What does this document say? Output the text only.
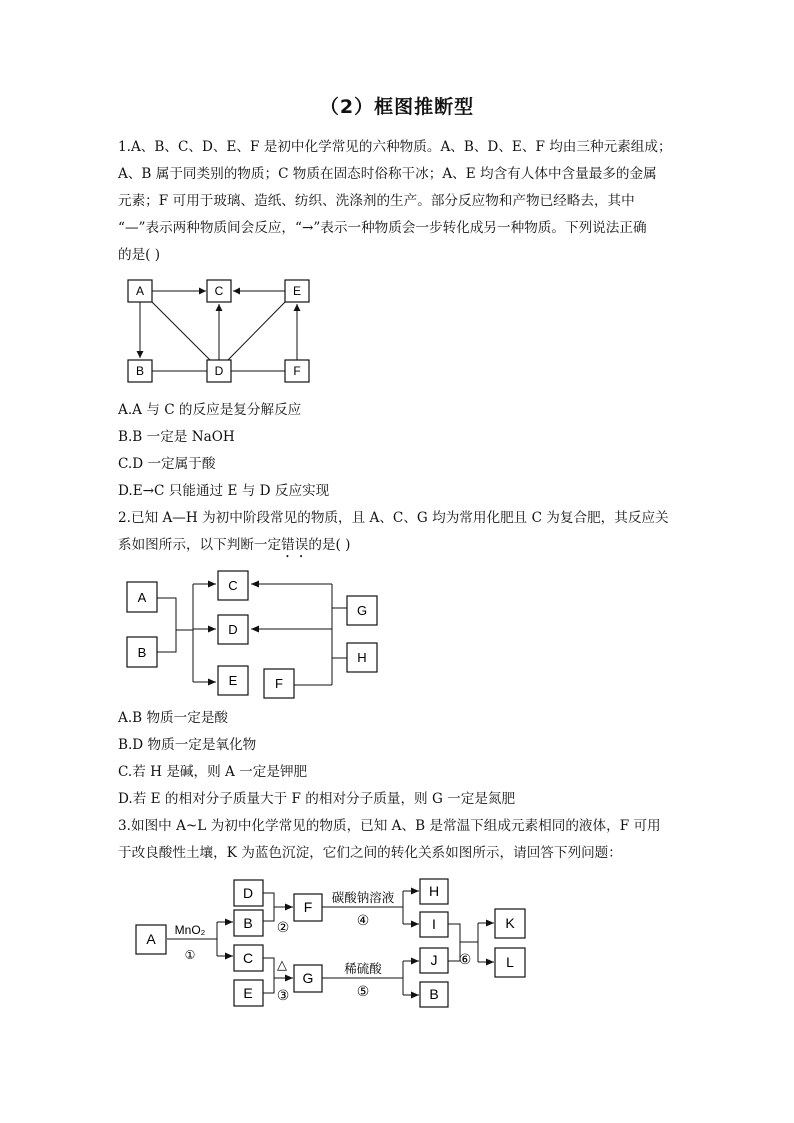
（2）框图推断型
1.A、B、C、D、E、F 是初中化学常见的六种物质。A、B、D、E、F 均由三种元素组成；
A、B 属于同类别的物质；C 物质在固态时俗称干冰；A、E 均含有人体中含量最多的金属
元素；F 可用于玻璃、造纸、纺织、洗涤剂的生产。部分反应物和产物已经略去，其中
“—”表示两种物质间会反应，“→”表示一种物质会一步转化成另一种物质。下列说法正确
的是( )
A	C	E
B	D	F
A.A 与 C 的反应是复分解反应
B.B 一定是 NaOH
C.D 一定属于酸
D.E→C 只能通过 E 与 D 反应实现
2.已知 A—H 为初中阶段常见的物质，且 A、C、G 均为常用化肥且 C 为复合肥，其反应关
系如图所示，以下判断一定错误的是( )
A
B
C
D
E	F
G
H
A.B 物质一定是酸
B.D 物质一定是氧化物
C.若 H 是碱，则 A 一定是钾肥
D.若 E 的相对分子质量大于 F 的相对分子质量，则 G 一定是氮肥
3.如图中 A~L 为初中化学常见的物质，已知 A、B 是常温下组成元素相同的液体，F 可用
于改良酸性土壤，K 为蓝色沉淀，它们之间的转化关系如图所示，请回答下列问题：
A
D
B
C
E
F
G
H
I
J
B
K
L
MnO₂
①
②
△
③
④
⑤
⑥
碳酸钠溶液
稀硫酸
